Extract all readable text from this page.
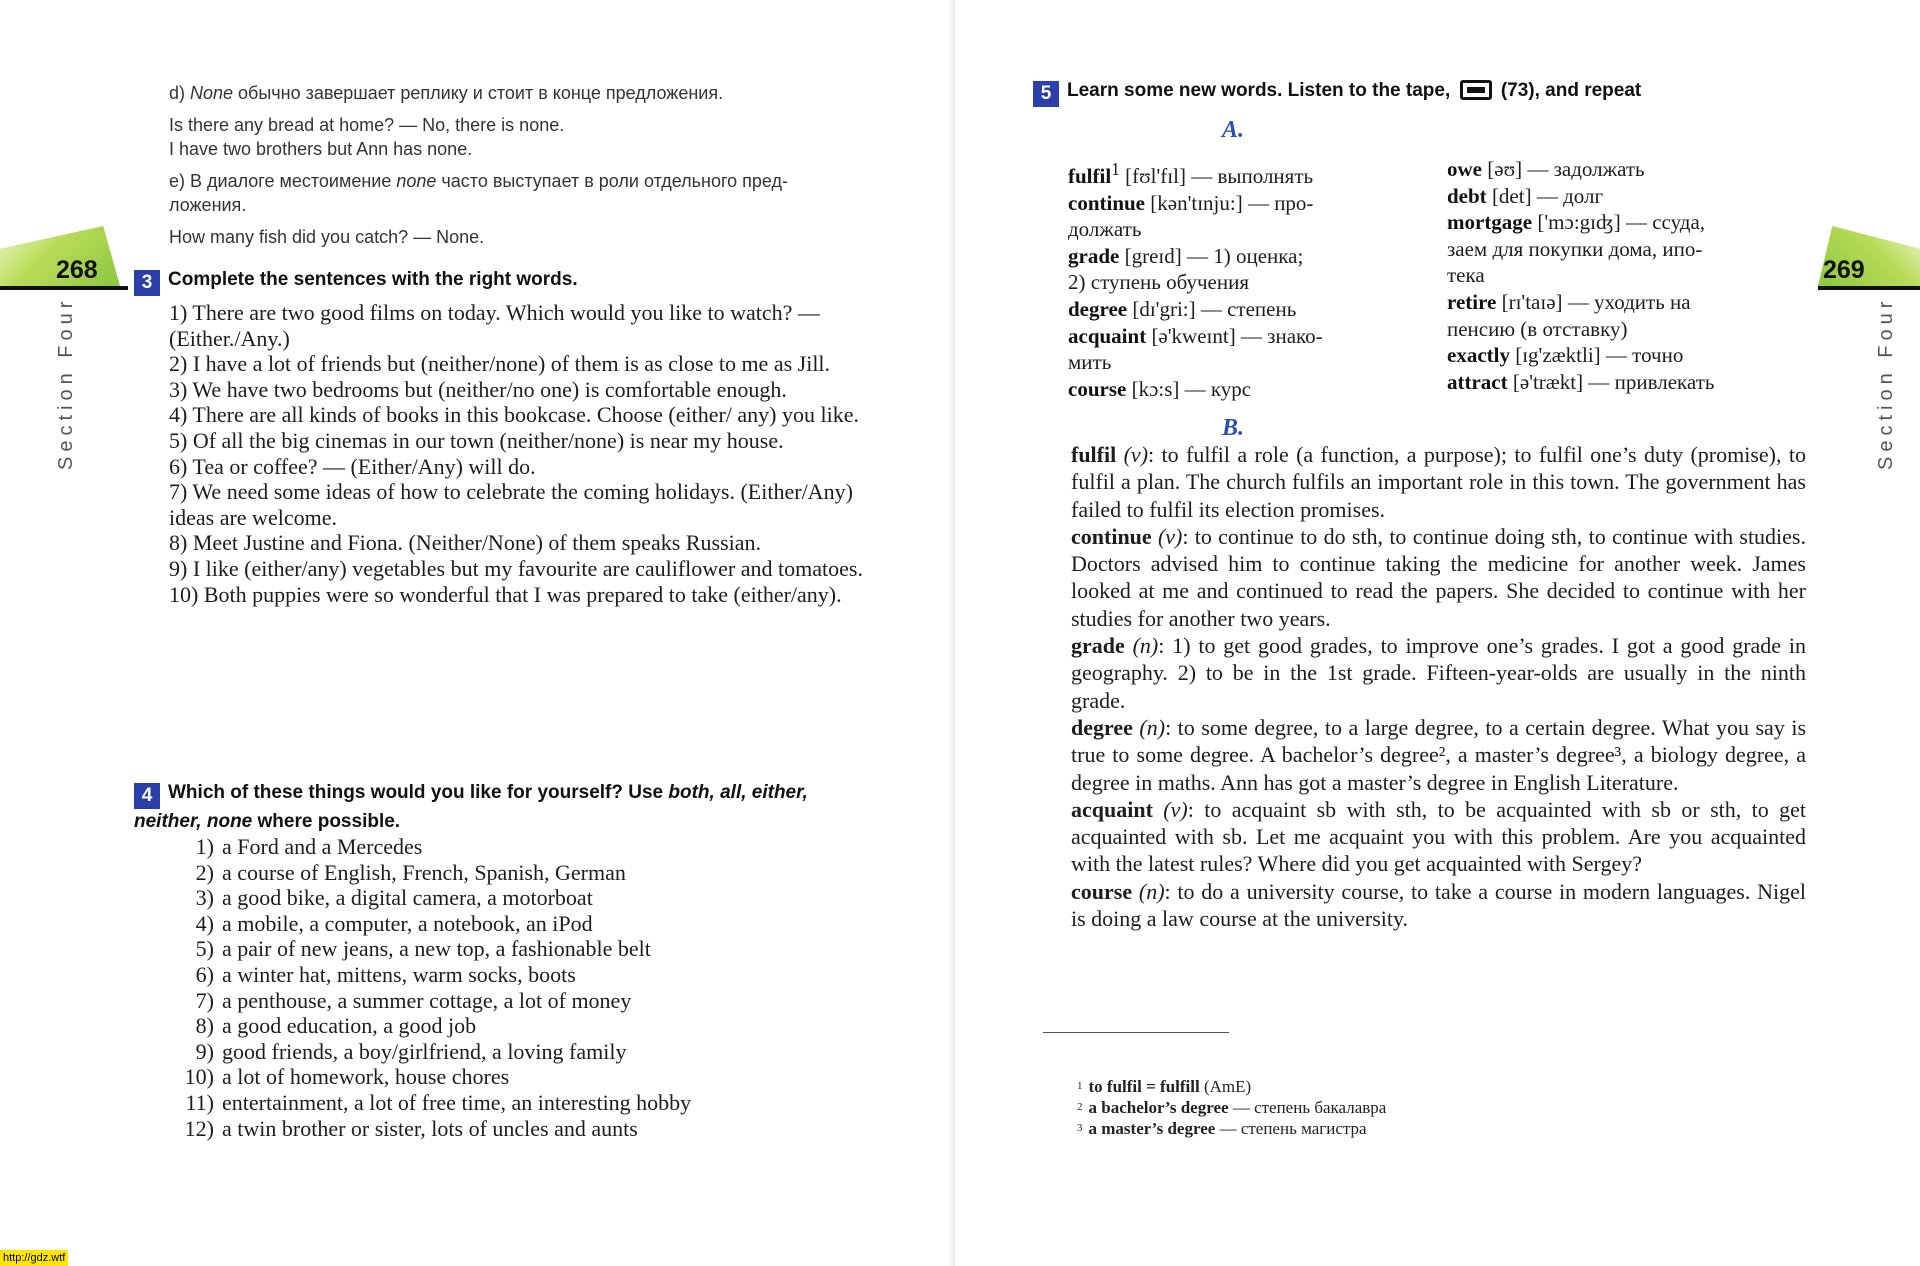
268
Section Four
d) None обычно завершает реплику и стоит в конце предложения.
Is there any bread at home? — No, there is none.
I have two brothers but Ann has none.
e) В диалоге местоимение none часто выступает в роли отдельного пред-
ложения.
How many fish did you catch? — None.
3 Complete the sentences with the right words.

1) There are two good films on today. Which would you like to watch? — (Either./Any.)

2) I have a lot of friends but (neither/none) of them is as close to me as Jill.

3) We have two bedrooms but (neither/no one) is comfortable enough.

4) There are all kinds of books in this bookcase. Choose (either/ any) you like.

5) Of all the big cinemas in our town (neither/none) is near my house.

6) Tea or coffee? — (Either/Any) will do.

7) We need some ideas of how to celebrate the coming holidays. (Either/Any) ideas are welcome.

8) Meet Justine and Fiona. (Neither/None) of them speaks Russian.

9) I like (either/any) vegetables but my favourite are cauliflower and tomatoes.

10) Both puppies were so wonderful that I was prepared to take (either/any).

4 Which of these things would you like for yourself? Use both, all, either,
neither, none where possible.
1) a Ford and a Mercedes
2) a course of English, French, Spanish, German
3) a good bike, a digital camera, a motorboat
4) a mobile, a computer, a notebook, an iPod
5) a pair of new jeans, a new top, a fashionable belt
6) a winter hat, mittens, warm socks, boots
7) a penthouse, a summer cottage, a lot of money
8) a good education, a good job
9) good friends, a boy/girlfriend, a loving family
10) a lot of homework, house chores
11) entertainment, a lot of free time, an interesting hobby
12) a twin brother or sister, lots of uncles and aunts
269
Section Four
5 Learn some new words. Listen to the tape,	(73), and repeat
A.

fulfil$^1$ [fʊl'fɪl] — выполнять

continue [kən'tɪnju:] — про-

должать

grade [greɪd] — 1) оценка;

2) ступень обучения

degree [dɪ'gri:] — степень

acquaint [ə'kweɪnt] — знако-

мить

course [kɔ:s] — курс

owe [əʊ] — задолжать

debt [det] — долг

mortgage ['mɔ:gɪʤ] — ссуда,

заем для покупки дома, ипо-

тека

retire [rɪ'taɪə] — уходить на

пенсию (в отставку)

exactly [ɪg'zæktli] — точно

attract [ə'trækt] — привлекать

B.

fulfil (v): to fulfil a role (a function, a purpose); to fulfil one’s duty (promise), to fulfil a plan. The church fulfils an important role in this town. The government has failed to fulfil its election promises.

continue (v): to continue to do sth, to continue doing sth, to continue with studies. Doctors advised him to continue taking the medicine for another week. James looked at me and continued to read the papers. She decided to continue with her studies for another two years.

grade (n): 1) to get good grades, to improve one’s grades. I got a good grade in geography. 2) to be in the 1st grade. Fifteen-year-olds are usually in the ninth grade.

degree (n): to some degree, to a large degree, to a certain degree. What you say is true to some degree. A bachelor’s degree², a master’s degree³, a biology degree, a degree in maths. Ann has got a master’s degree in English Literature.

acquaint (v): to acquaint sb with sth, to be acquainted with sb or sth, to get acquainted with sb. Let me acquaint you with this problem. Are you acquainted with the latest rules? Where did you get acquainted with Sergey?

course (n): to do a university course, to take a course in modern languages. Nigel is doing a law course at the university.

$^1$ to fulfil = fulfill (AmE)

$^2$ a bachelor’s degree — степень бакалавра

$^3$ a master’s degree — степень магистра

http://gdz.wtf
